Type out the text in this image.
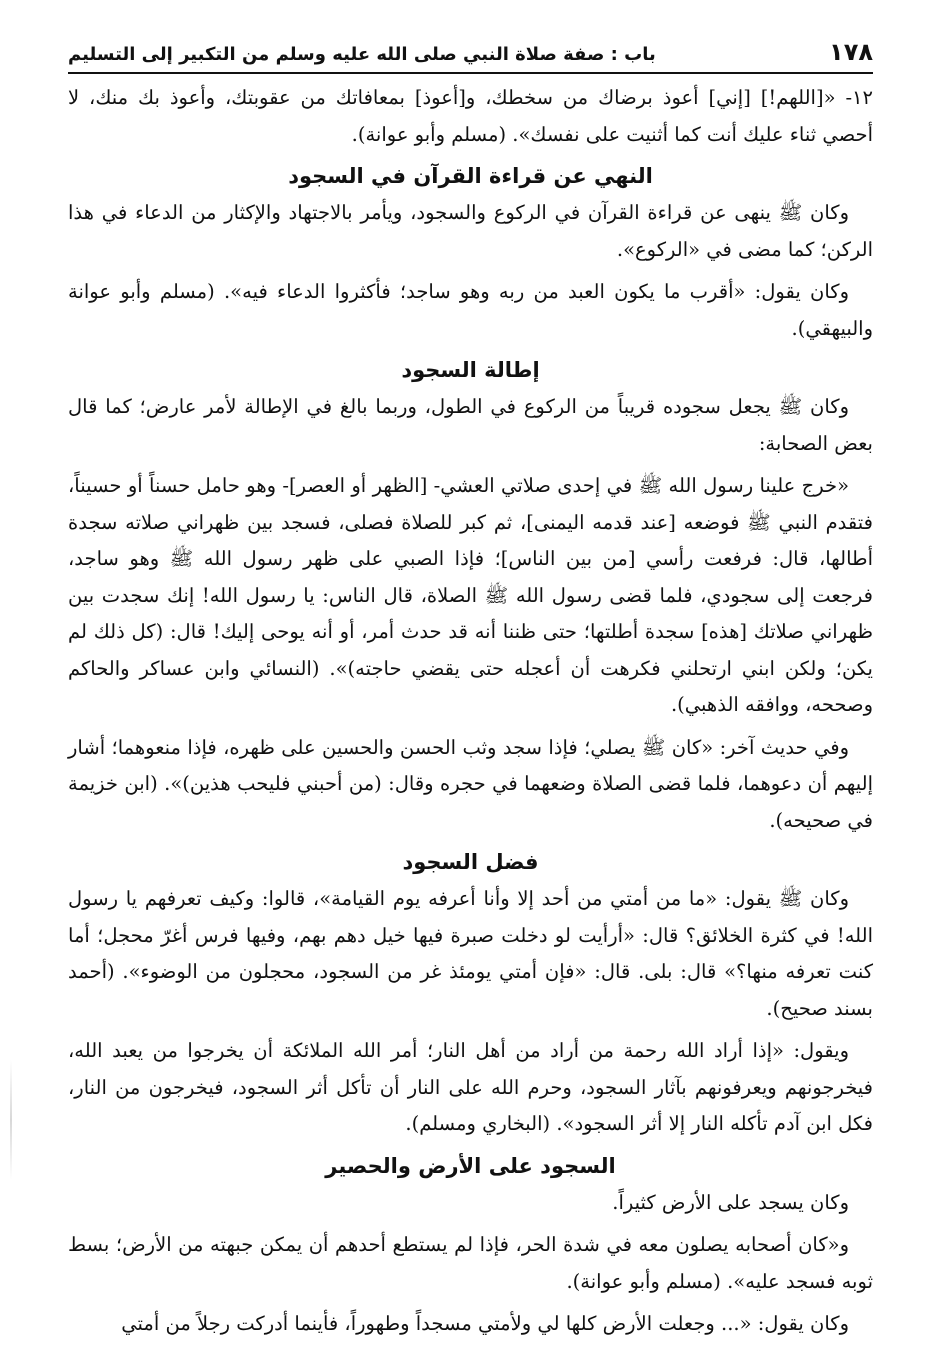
١٧٨
باب : صفة صلاة النبي صلى الله عليه وسلم من التكبير إلى التسليم

١٢- «[اللهم!] [إني] أعوذ برضاك من سخطك، و[أعوذ] بمعافاتك من عقوبتك، وأعوذ بك منك، لا أحصي ثناء عليك أنت كما أثنيت على نفسك». (مسلم وأبو عوانة).

النهي عن قراءة القرآن في السجود

وكان ﷺ ينهى عن قراءة القرآن في الركوع والسجود، ويأمر بالاجتهاد والإكثار من الدعاء في هذا الركن؛ كما مضى في «الركوع».

وكان يقول: «أقرب ما يكون العبد من ربه وهو ساجد؛ فأكثروا الدعاء فيه». (مسلم وأبو عوانة والبيهقي).

إطالة السجود

وكان ﷺ يجعل سجوده قريباً من الركوع في الطول، وربما بالغ في الإطالة لأمر عارض؛ كما قال بعض الصحابة:

«خرج علينا رسول الله ﷺ في إحدى صلاتي العشي- [الظهر أو العصر]- وهو حامل حسناً أو حسيناً، فتقدم النبي ﷺ فوضعه [عند قدمه اليمنى]، ثم كبر للصلاة فصلى، فسجد بين ظهراني صلاته سجدة أطالها، قال: فرفعت رأسي [من بين الناس]؛ فإذا الصبي على ظهر رسول الله ﷺ وهو ساجد، فرجعت إلى سجودي، فلما قضى رسول الله ﷺ الصلاة، قال الناس: يا رسول الله! إنك سجدت بين ظهراني صلاتك [هذه] سجدة أطلتها؛ حتى ظننا أنه قد حدث أمر، أو أنه يوحى إليك! قال: (كل ذلك لم يكن؛ ولكن ابني ارتحلني فكرهت أن أعجله حتى يقضي حاجته)». (النسائي وابن عساكر والحاكم وصححه، ووافقه الذهبي).

وفي حديث آخر: «كان ﷺ يصلي؛ فإذا سجد وثب الحسن والحسين على ظهره، فإذا منعوهما؛ أشار إليهم أن دعوهما، فلما قضى الصلاة وضعهما في حجره وقال: (من أحبني فليحب هذين)». (ابن خزيمة في صحيحه).

فضل السجود

وكان ﷺ يقول: «ما من أمتي من أحد إلا وأنا أعرفه يوم القيامة»، قالوا: وكيف تعرفهم يا رسول الله! في كثرة الخلائق؟ قال: «أرأيت لو دخلت صبرة فيها خيل دهم بهم، وفيها فرس أغرّ محجل؛ أما كنت تعرفه منها؟» قال: بلى. قال: «فإن أمتي يومئذ غر من السجود، محجلون من الوضوء». (أحمد بسند صحيح).

ويقول: «إذا أراد الله رحمة من أراد من أهل النار؛ أمر الله الملائكة أن يخرجوا من يعبد الله، فيخرجونهم ويعرفونهم بآثار السجود، وحرم الله على النار أن تأكل أثر السجود، فيخرجون من النار، فكل ابن آدم تأكله النار إلا أثر السجود». (البخاري ومسلم).

السجود على الأرض والحصير

وكان يسجد على الأرض كثيراً.

و«كان أصحابه يصلون معه في شدة الحر، فإذا لم يستطع أحدهم أن يمكن جبهته من الأرض؛ بسط ثوبه فسجد عليه». (مسلم وأبو عوانة).

وكان يقول: «... وجعلت الأرض كلها لي ولأمتي مسجداً وطهوراً، فأينما أدركت رجلاً من أمتي
